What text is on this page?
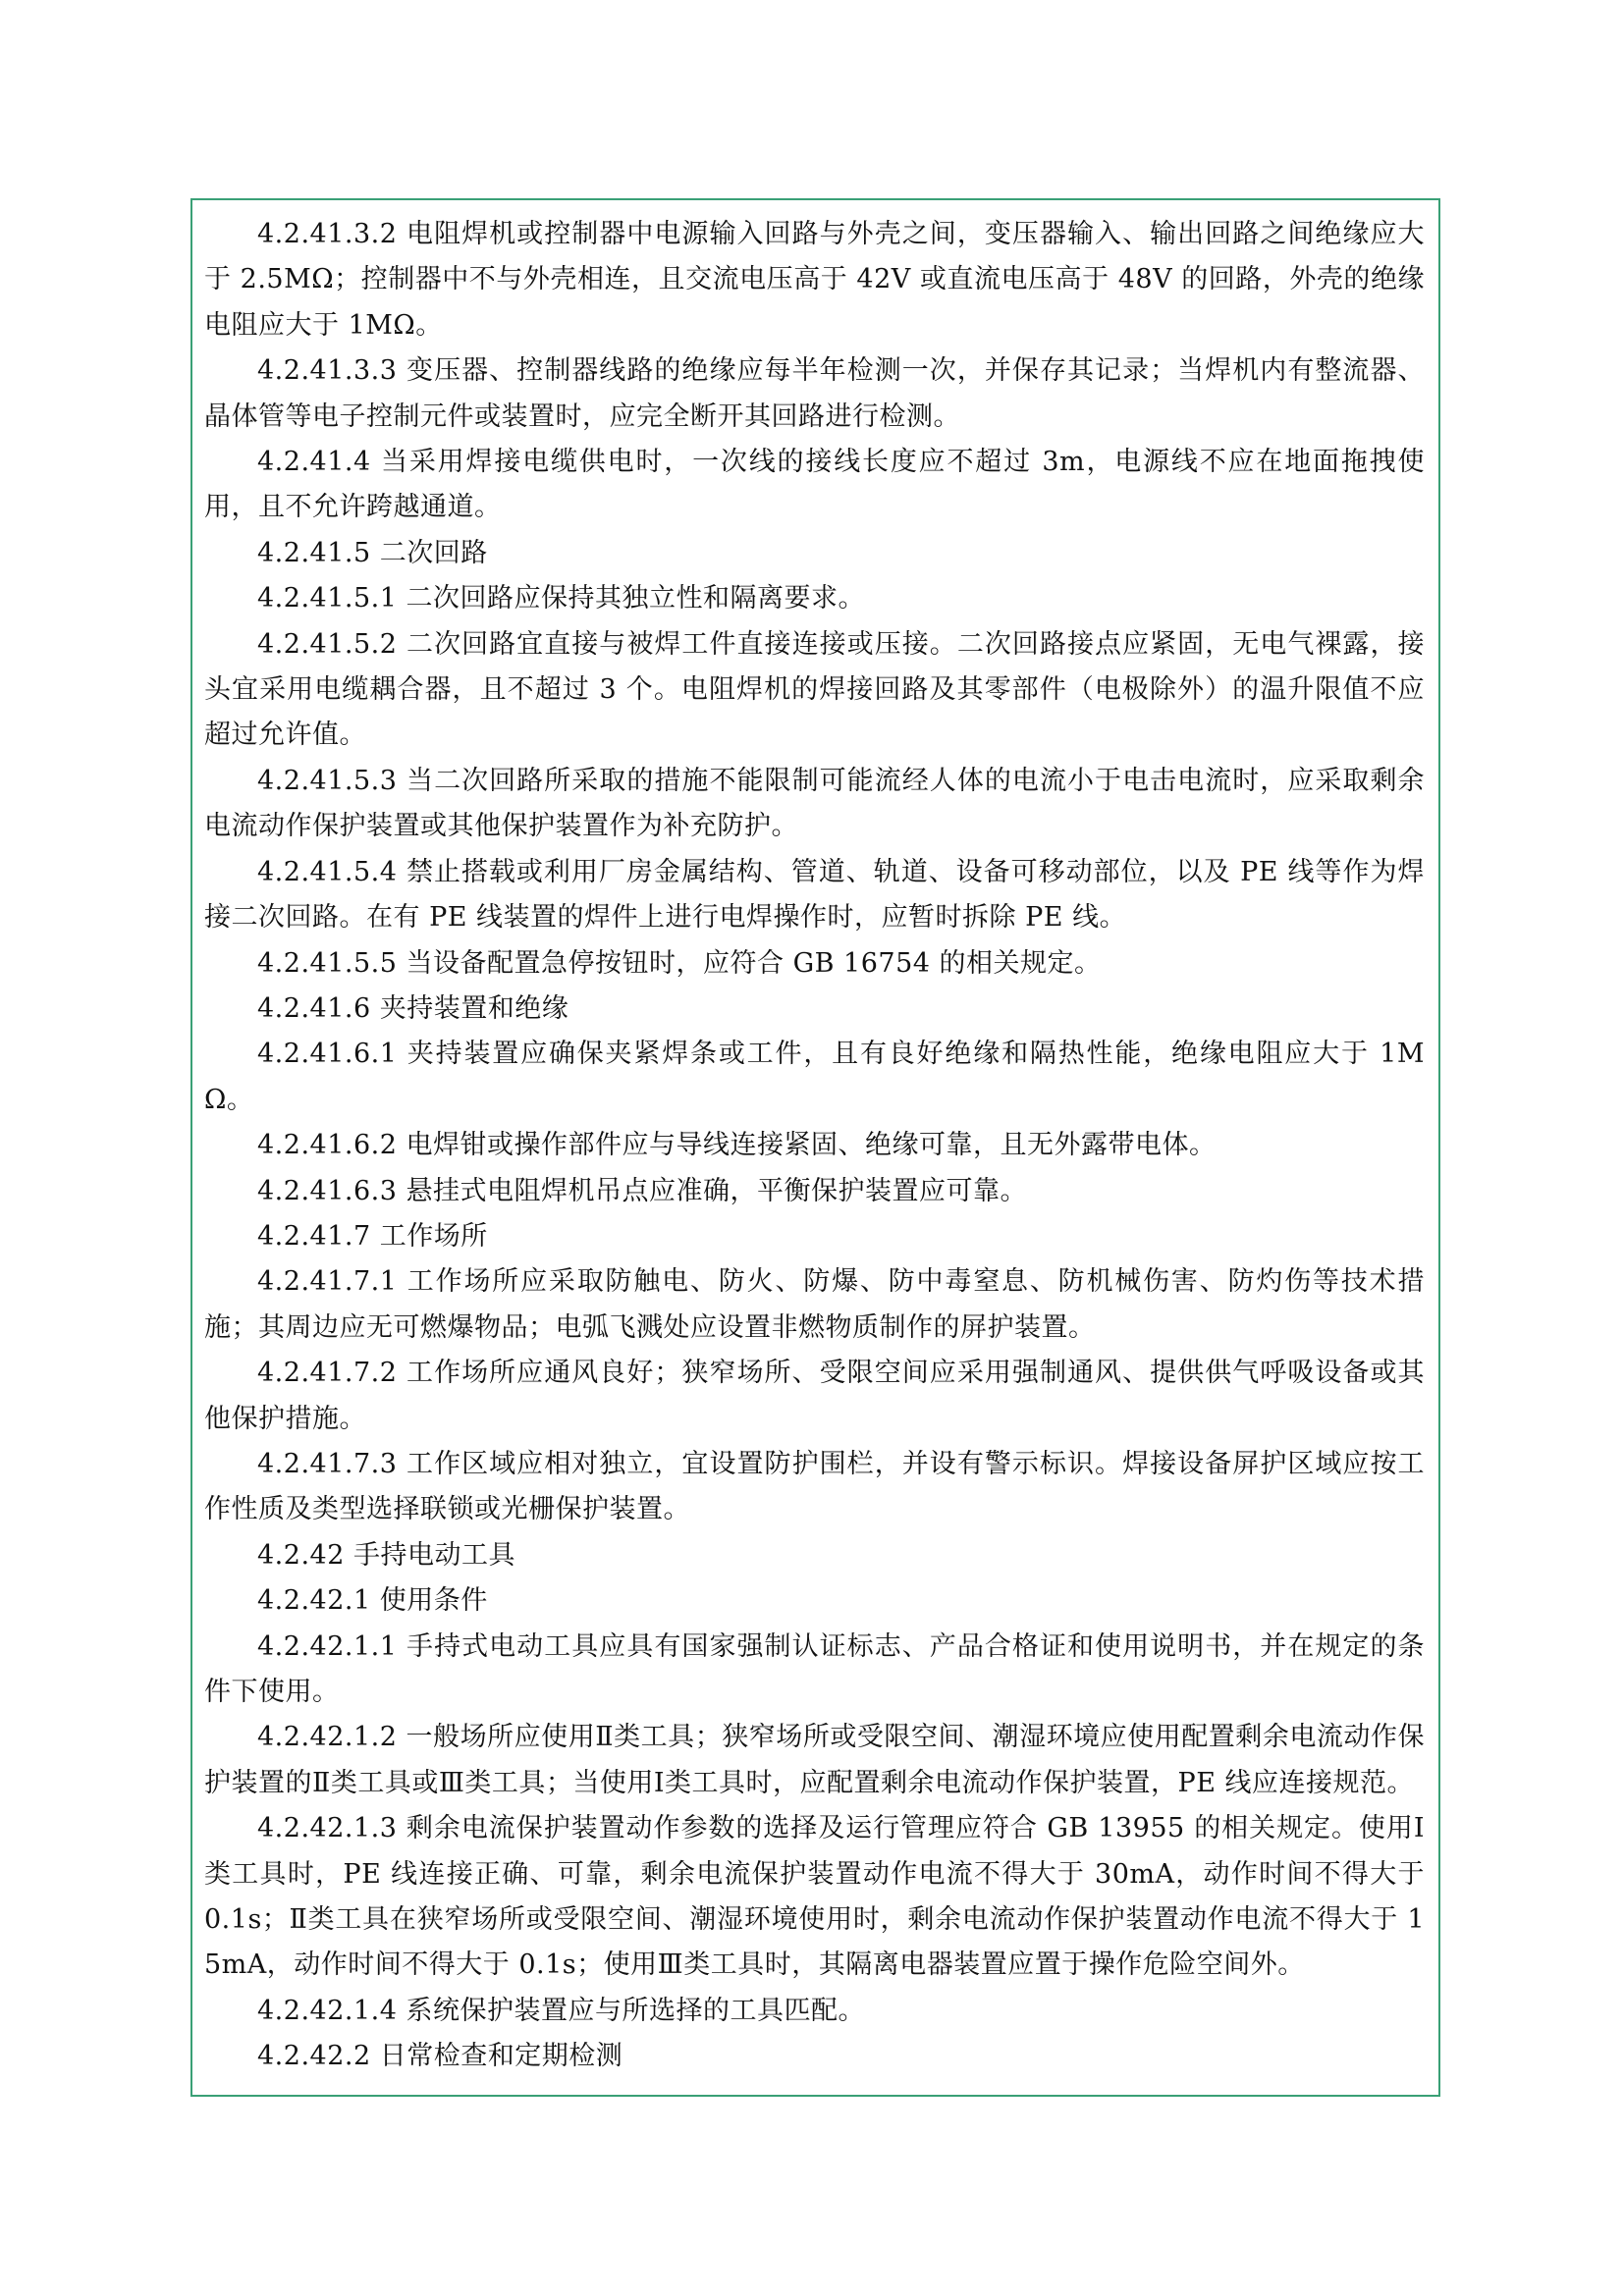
4.2.41.3.2 电阻焊机或控制器中电源输入回路与外壳之间，变压器输入、输出回路之间绝缘应大于 2.5MΩ；控制器中不与外壳相连，且交流电压高于 42V 或直流电压高于 48V 的回路，外壳的绝缘电阻应大于 1MΩ。

4.2.41.3.3 变压器、控制器线路的绝缘应每半年检测一次，并保存其记录；当焊机内有整流器、晶体管等电子控制元件或装置时，应完全断开其回路进行检测。

4.2.41.4 当采用焊接电缆供电时，一次线的接线长度应不超过 3m，电源线不应在地面拖拽使用，且不允许跨越通道。

4.2.41.5 二次回路

4.2.41.5.1 二次回路应保持其独立性和隔离要求。

4.2.41.5.2 二次回路宜直接与被焊工件直接连接或压接。二次回路接点应紧固，无电气裸露，接头宜采用电缆耦合器，且不超过 3 个。电阻焊机的焊接回路及其零部件（电极除外）的温升限值不应超过允许值。

4.2.41.5.3 当二次回路所采取的措施不能限制可能流经人体的电流小于电击电流时，应采取剩余电流动作保护装置或其他保护装置作为补充防护。

4.2.41.5.4 禁止搭载或利用厂房金属结构、管道、轨道、设备可移动部位，以及 PE 线等作为焊接二次回路。在有 PE 线装置的焊件上进行电焊操作时，应暂时拆除 PE 线。

4.2.41.5.5 当设备配置急停按钮时，应符合 GB 16754 的相关规定。

4.2.41.6 夹持装置和绝缘

4.2.41.6.1 夹持装置应确保夹紧焊条或工件，且有良好绝缘和隔热性能，绝缘电阻应大于 1MΩ。

4.2.41.6.2 电焊钳或操作部件应与导线连接紧固、绝缘可靠，且无外露带电体。

4.2.41.6.3 悬挂式电阻焊机吊点应准确，平衡保护装置应可靠。

4.2.41.7 工作场所

4.2.41.7.1 工作场所应采取防触电、防火、防爆、防中毒窒息、防机械伤害、防灼伤等技术措施；其周边应无可燃爆物品；电弧飞溅处应设置非燃物质制作的屏护装置。

4.2.41.7.2 工作场所应通风良好；狭窄场所、受限空间应采用强制通风、提供供气呼吸设备或其他保护措施。

4.2.41.7.3 工作区域应相对独立，宜设置防护围栏，并设有警示标识。焊接设备屏护区域应按工作性质及类型选择联锁或光栅保护装置。

4.2.42 手持电动工具

4.2.42.1 使用条件

4.2.42.1.1 手持式电动工具应具有国家强制认证标志、产品合格证和使用说明书，并在规定的条件下使用。

4.2.42.1.2 一般场所应使用Ⅱ类工具；狭窄场所或受限空间、潮湿环境应使用配置剩余电流动作保护装置的Ⅱ类工具或Ⅲ类工具；当使用Ⅰ类工具时，应配置剩余电流动作保护装置，PE 线应连接规范。

4.2.42.1.3 剩余电流保护装置动作参数的选择及运行管理应符合 GB 13955 的相关规定。使用Ⅰ类工具时，PE 线连接正确、可靠，剩余电流保护装置动作电流不得大于 30mA，动作时间不得大于 0.1s；Ⅱ类工具在狭窄场所或受限空间、潮湿环境使用时，剩余电流动作保护装置动作电流不得大于 15mA，动作时间不得大于 0.1s；使用Ⅲ类工具时，其隔离电器装置应置于操作危险空间外。

4.2.42.1.4 系统保护装置应与所选择的工具匹配。

4.2.42.2 日常检查和定期检测
